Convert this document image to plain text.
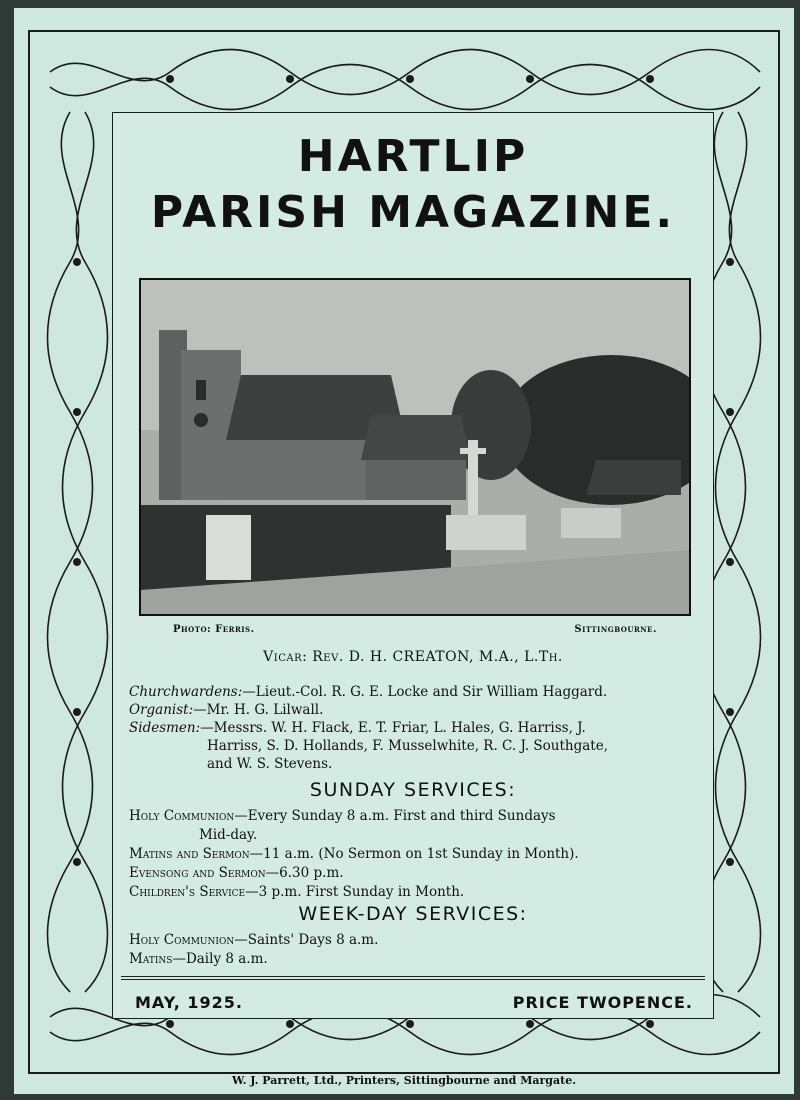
HARTLIP
PARISH MAGAZINE.
Photo: Ferris.	Sittingbourne.
Vicar: Rev. D. H. CREATON, M.A., L.Th.
Churchwardens:—Lieut.-Col. R. G. E. Locke and Sir William Haggard.
Organist:—Mr. H. G. Lilwall.
Sidesmen:—Messrs. W. H. Flack, E. T. Friar, L. Hales, G. Harriss, J.
Harriss, S. D. Hollands, F. Musselwhite, R. C. J. Southgate,
and W. S. Stevens.
SUNDAY SERVICES:
Holy Communion—Every Sunday 8 a.m. First and third Sundays
Mid-day.
Matins and Sermon—11 a.m. (No Sermon on 1st Sunday in Month).
Evensong and Sermon—6.30 p.m.
Children's Service—3 p.m. First Sunday in Month.
WEEK-DAY SERVICES:
Holy Communion—Saints' Days 8 a.m.
Matins—Daily 8 a.m.
MAY, 1925.	PRICE TWOPENCE.
W. J. Parrett, Ltd., Printers, Sittingbourne and Margate.
